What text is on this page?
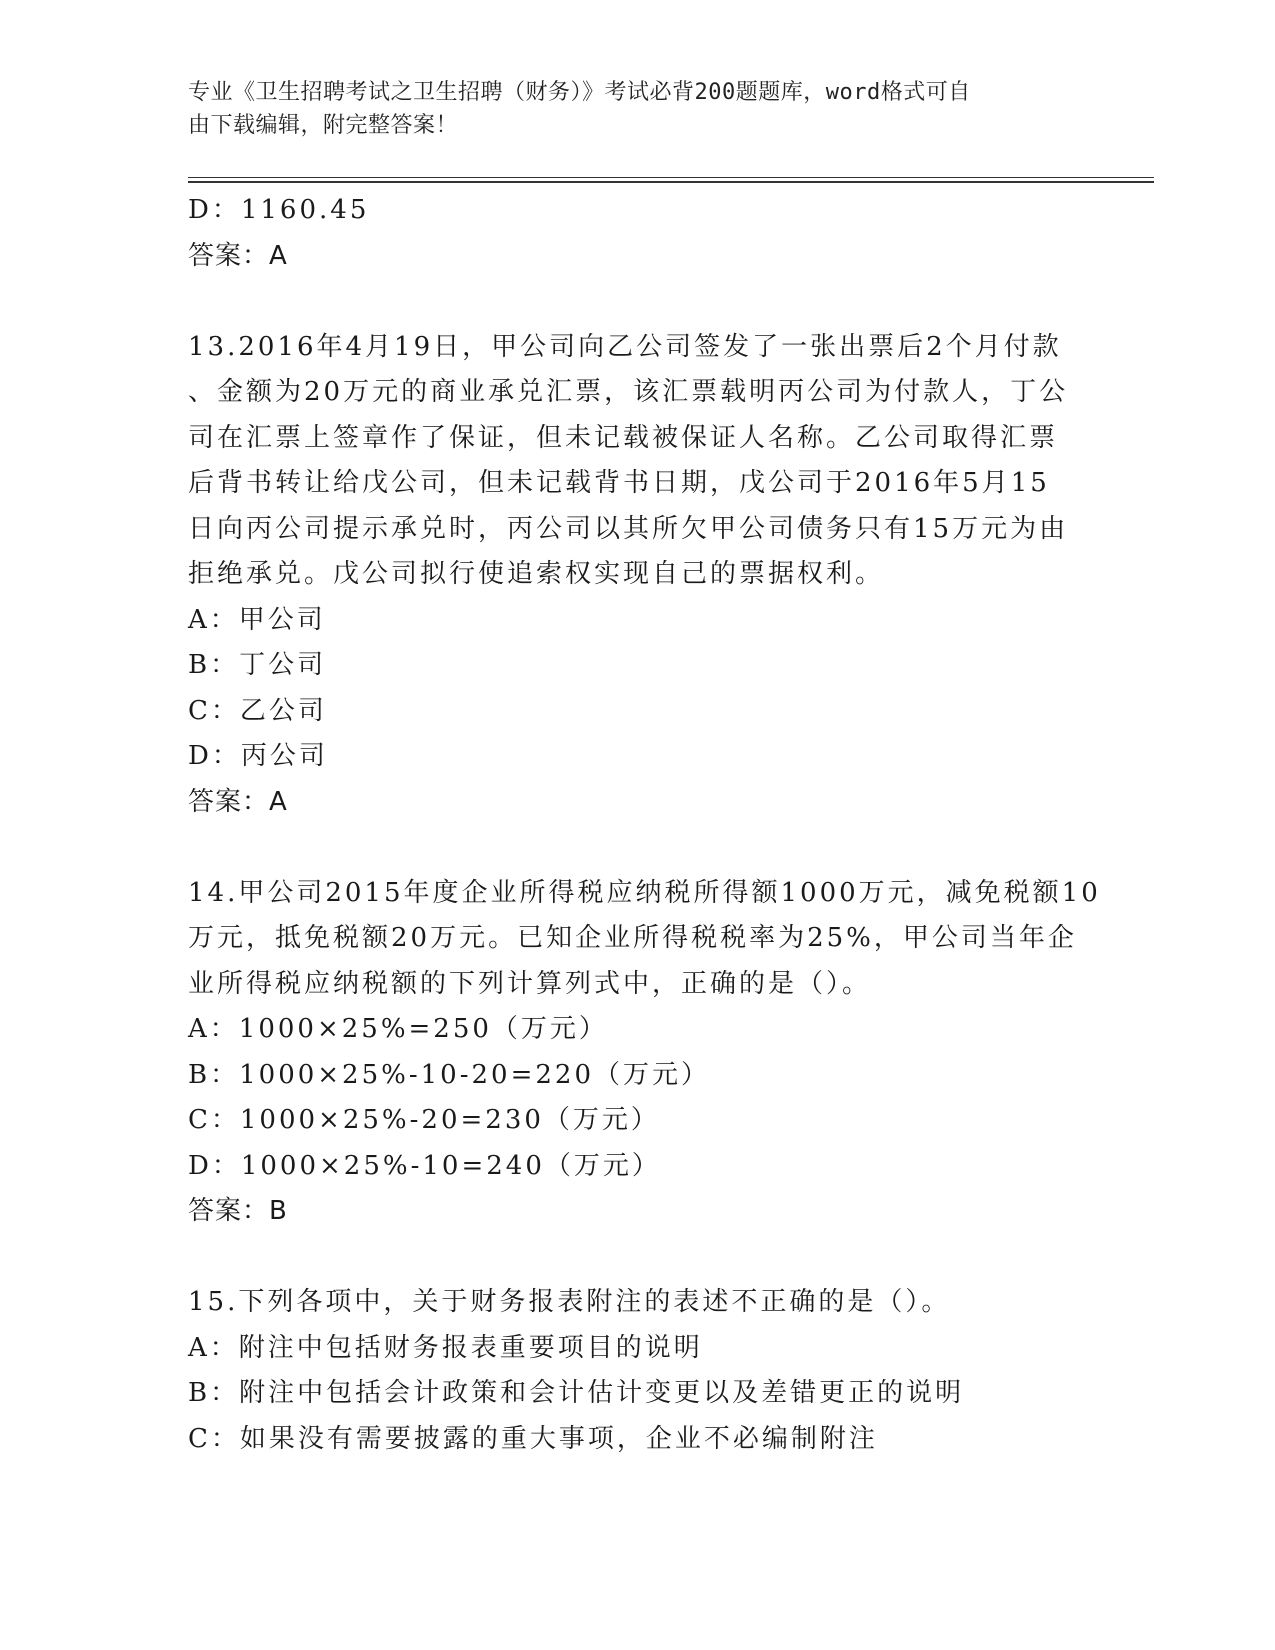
专业《卫生招聘考试之卫生招聘（财务）》考试必背200题题库，word格式可自
由下载编辑，附完整答案！
D：1160.45
答案：A
13.2016年4月19日，甲公司向乙公司签发了一张出票后2个月付款
、金额为20万元的商业承兑汇票，该汇票载明丙公司为付款人，丁公
司在汇票上签章作了保证，但未记载被保证人名称。乙公司取得汇票
后背书转让给戊公司，但未记载背书日期，戊公司于2016年5月15
日向丙公司提示承兑时，丙公司以其所欠甲公司债务只有15万元为由
拒绝承兑。戊公司拟行使追索权实现自己的票据权利。
A：甲公司
B：丁公司
C：乙公司
D：丙公司
答案：A
14.甲公司2015年度企业所得税应纳税所得额1000万元，减免税额10
万元，抵免税额20万元。已知企业所得税税率为25%，甲公司当年企
业所得税应纳税额的下列计算列式中，正确的是（）。
A：1000×25%=250（万元）
B：1000×25%-10-20=220（万元）
C：1000×25%-20=230（万元）
D：1000×25%-10=240（万元）
答案：B
15.下列各项中，关于财务报表附注的表述不正确的是（）。
A：附注中包括财务报表重要项目的说明
B：附注中包括会计政策和会计估计变更以及差错更正的说明
C：如果没有需要披露的重大事项，企业不必编制附注
